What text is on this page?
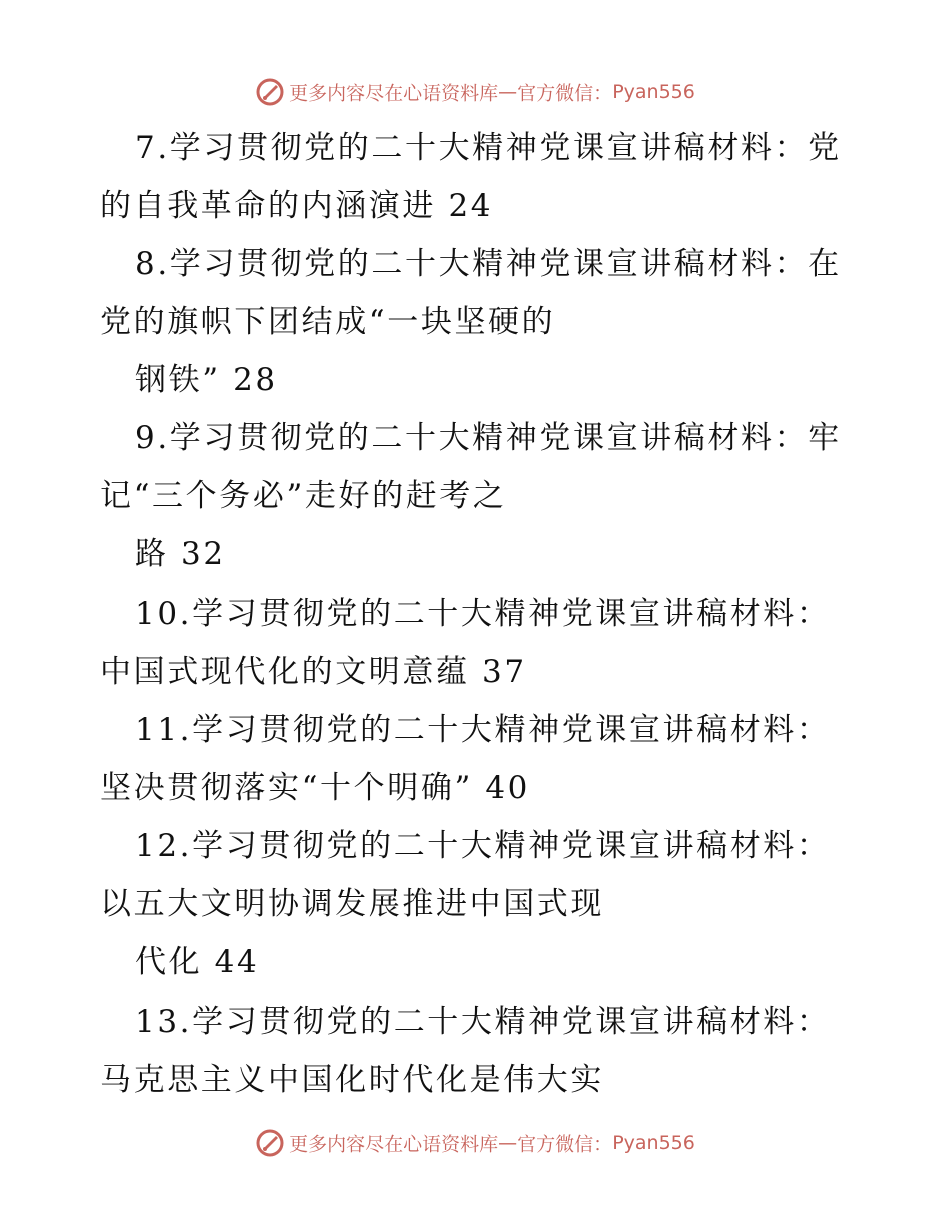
更多内容尽在心语资料库—官方微信：Pyan556
7.学习贯彻党的二十大精神党课宣讲稿材料：党
的自我革命的内涵演进 24
8.学习贯彻党的二十大精神党课宣讲稿材料：在
党的旗帜下团结成“一块坚硬的
钢铁” 28
9.学习贯彻党的二十大精神党课宣讲稿材料：牢
记“三个务必”走好的赶考之
路 32
10.学习贯彻党的二十大精神党课宣讲稿材料：
中国式现代化的文明意蕴 37
11.学习贯彻党的二十大精神党课宣讲稿材料：
坚决贯彻落实“十个明确” 40
12.学习贯彻党的二十大精神党课宣讲稿材料：
以五大文明协调发展推进中国式现
代化 44
13.学习贯彻党的二十大精神党课宣讲稿材料：
马克思主义中国化时代化是伟大实
更多内容尽在心语资料库—官方微信：Pyan556
